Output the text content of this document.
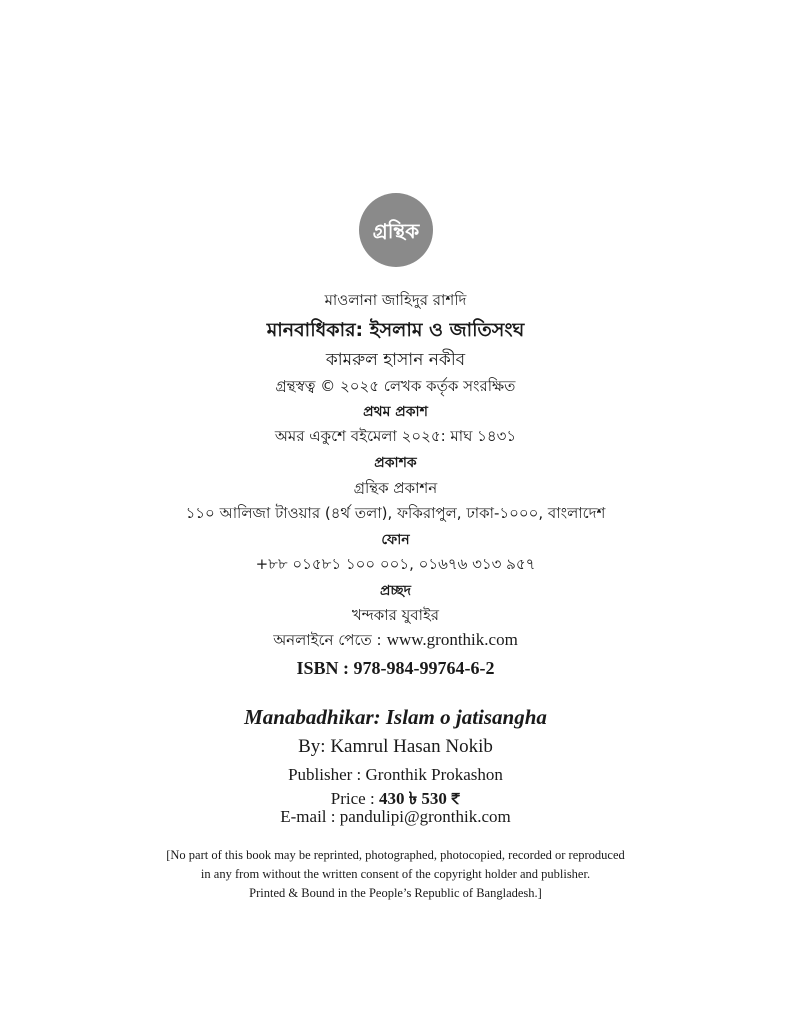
গ্রন্থিক
মাওলানা জাহিদুর রাশদি
মানবাধিকার: ইসলাম ও জাতিসংঘ
কামরুল হাসান নকীব
গ্রন্থস্বত্ব © ২০২৫ লেখক কর্তৃক সংরক্ষিত
প্রথম প্রকাশ
অমর একুশে বইমেলা ২০২৫: মাঘ ১৪৩১
প্রকাশক
গ্রন্থিক প্রকাশন
১১০ আলিজা টাওয়ার (৪র্থ তলা), ফকিরাপুল, ঢাকা-১০০০, বাংলাদেশ
ফোন
+৮৮ ০১৫৮১ ১০০ ০০১, ০১৬৭৬ ৩১৩ ৯৫৭
প্রচ্ছদ
খন্দকার যুবাইর
অনলাইনে পেতে : www.gronthik.com
ISBN : 978-984-99764-6-2
Manabadhikar: Islam o jatisangha
By: Kamrul Hasan Nokib
Publisher : Gronthik Prokashon
Price : 430 ৳ 530 ₹
E-mail : pandulipi@gronthik.com
[No part of this book may be reprinted, photographed, photocopied, recorded or reproduced
in any from without the written consent of the copyright holder and publisher.
Printed & Bound in the People’s Republic of Bangladesh.]
